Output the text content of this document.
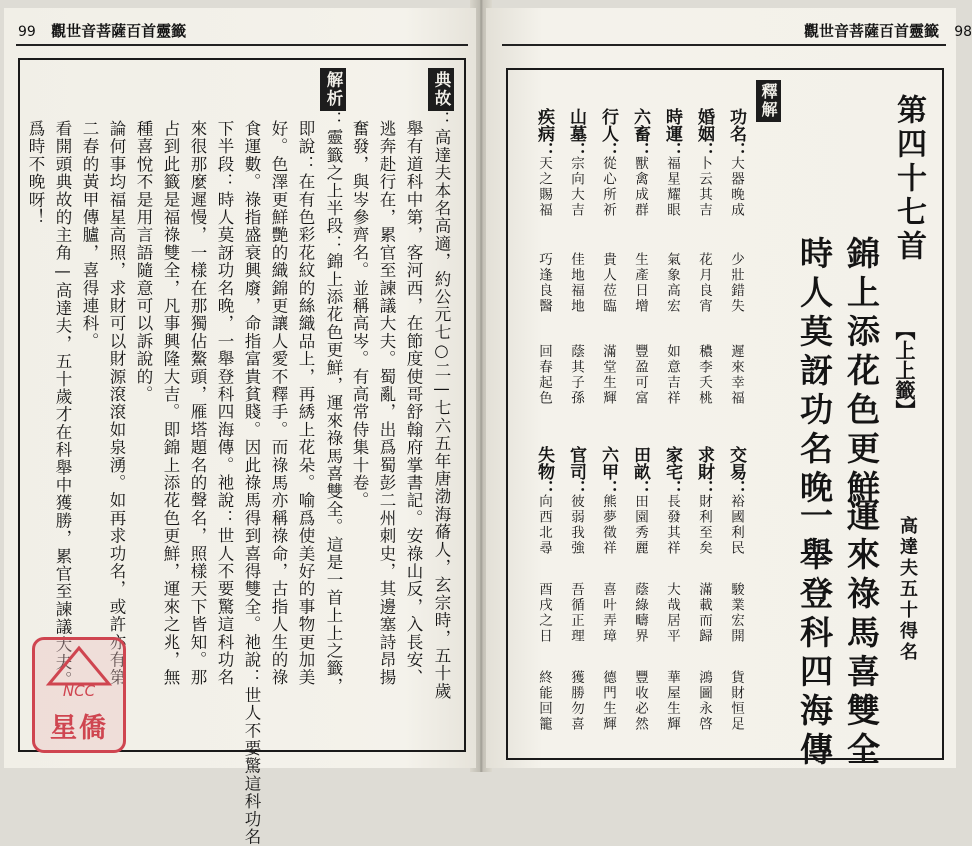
99 觀世音菩薩百首靈籤
典故：高達夫本名高適，約公元七○二—七六五年唐渤海蓨人，玄宗時，五十歲
舉有道科中第，客河西，在節度使哥舒翰府掌書記。安祿山反，入長安、
逃奔赴行在，累官至諫議大夫。蜀亂，出爲蜀彭二州刺史，其邊塞詩昂揚
奮發，與岑參齊名。並稱高岑。有高常侍集十卷。
解析：靈籤之上半段：錦上添花色更鮮，運來祿馬喜雙全。這是一首上上之籤，
即說：在有色彩花紋的絲織品上，再綉上花朵。喻爲使美好的事物更加美
好。色澤更鮮艷的織錦更讓人愛不釋手。而祿馬亦稱祿命，古指人生的祿
食運數。祿指盛衰興廢，命指富貴貧賤。因此祿馬得到喜得雙全。祂說：世人不要驚這科功名
下半段：時人莫訝功名晚，一舉登科四海傳。祂說：世人不要驚這科功名
來很那麼遲慢，一樣在那獨佔鰲頭，雁塔題名的聲名，照樣天下皆知。那
占到此籤是福祿雙全，凡事興隆大吉。即錦上添花色更鮮，運來之兆，無
種喜悅不是用言語隨意可以訴說的。
論何事均福星高照，求財可以財源滾滾如泉湧。如再求功名，或許亦有第
二春的黃甲傳臚，喜得連科。
看開頭典故的主角—高達夫，五十歲才在科舉中獲勝，累官至諫議大夫。
爲時不晚呀！
NCC
星僑
觀世音菩薩百首靈籤 98
第四十七首
【上上籤】
高達夫五十得名
錦上添花色更鮮
時人莫訝功名晚
運來祿馬喜雙全
一舉登科四海傳
釋解
功名：
大器晚成
少壯錯失
遲來幸福
婚姻：
卜云其吉
花月良宵
穠李夭桃
時運：
福星耀眼
氣象高宏
如意吉祥
六畜：
獸禽成群
生產日增
豐盈可富
行人：
從心所祈
貴人莅臨
滿堂生輝
山墓：
宗向大吉
佳地福地
蔭其子孫
疾病：
天之賜福
巧逢良醫
回春起色
交易：
裕國利民
駿業宏開
貨財恒足
求財：
財利至矣
滿載而歸
鴻圖永啓
家宅：
長發其祥
大哉居平
華屋生輝
田畝：
田園秀麗
蔭綠疇界
豐收必然
六甲：
熊夢徵祥
喜叶弄璋
德門生輝
官司：
彼弱我強
吾循正理
獲勝勿喜
失物：
向西北尋
酉戌之日
終能回籠
